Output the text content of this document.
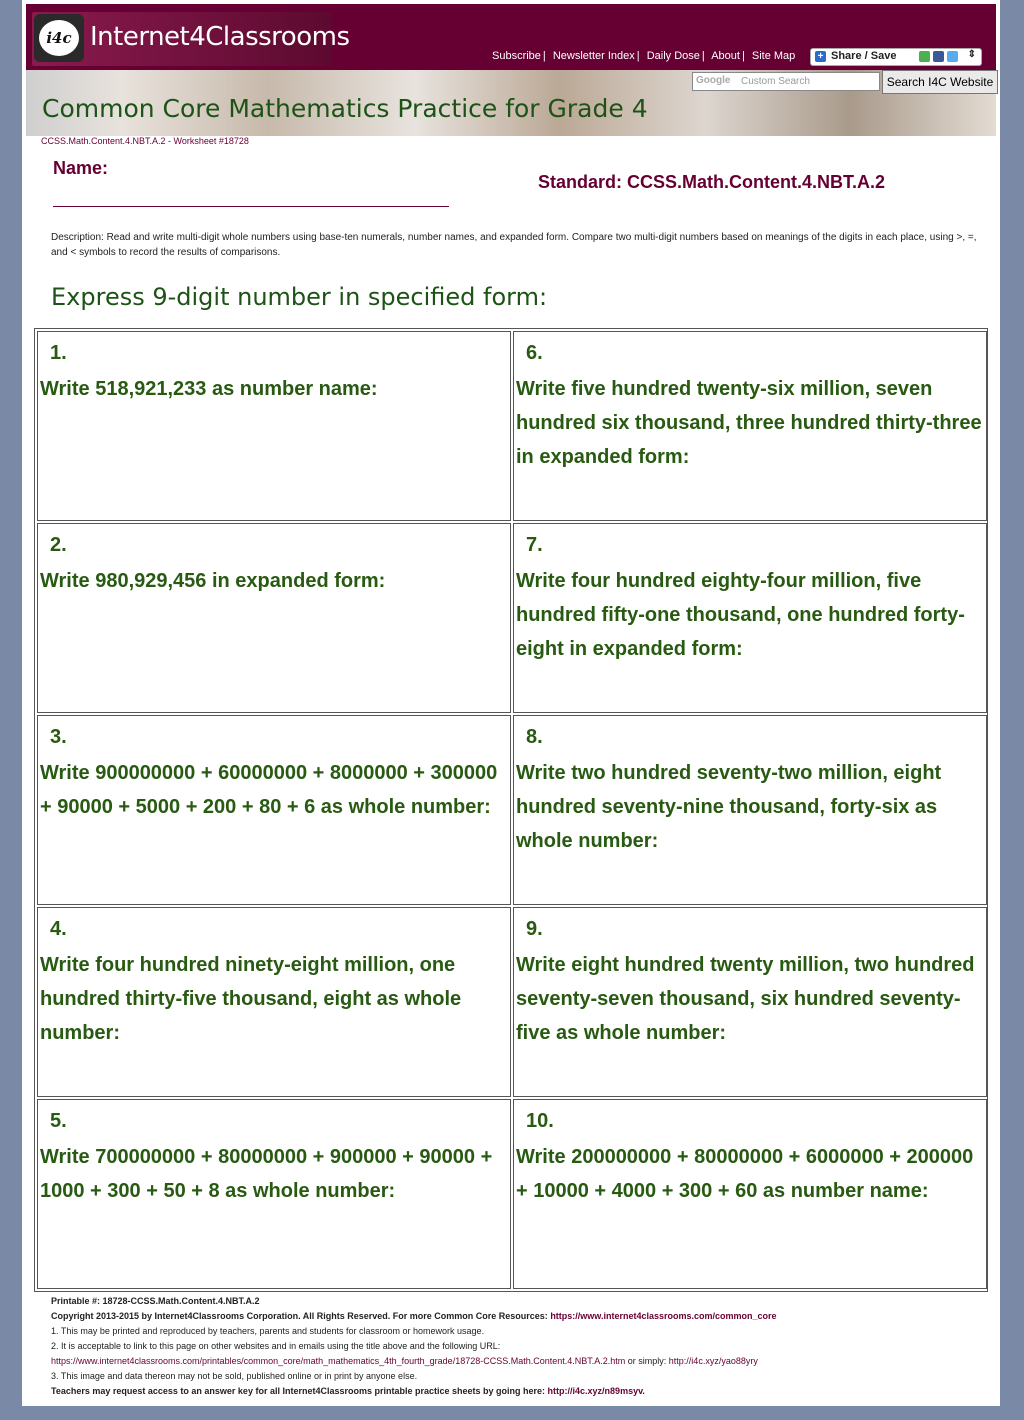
i4c Internet4Classrooms
Subscribe | Newsletter Index | Daily Dose | About | Site Map + Share / Save	⇕
Google Custom Search	Search I4C Website
Common Core Mathematics Practice for Grade 4
CCSS.Math.Content.4.NBT.A.2 - Worksheet #18728
Name:
Standard: CCSS.Math.Content.4.NBT.A.2
Description: Read and write multi-digit whole numbers using base-ten numerals, number names, and expanded form. Compare two multi-digit numbers based on meanings of the digits in each place, using >, =, and < symbols to record the results of comparisons.
Express 9-digit number in specified form:
1.
Write 518,921,233 as number name:
6.
Write five hundred twenty-six million, seven hundred six thousand, three hundred thirty-three in expanded form:
2.
Write 980,929,456 in expanded form:
7.
Write four hundred eighty-four million, five hundred fifty-one thousand, one hundred forty-eight in expanded form:
3.
Write 900000000 + 60000000 + 8000000 + 300000 + 90000 + 5000 + 200 + 80 + 6 as whole number:
8.
Write two hundred seventy-two million, eight hundred seventy-nine thousand, forty-six as whole number:
4.
Write four hundred ninety-eight million, one hundred thirty-five thousand, eight as whole number:
9.
Write eight hundred twenty million, two hundred seventy-seven thousand, six hundred seventy-five as whole number:
5.
Write 700000000 + 80000000 + 900000 + 90000 + 1000 + 300 + 50 + 8 as whole number:
10.
Write 200000000 + 80000000 + 6000000 + 200000 + 10000 + 4000 + 300 + 60 as number name:
Printable #: 18728-CCSS.Math.Content.4.NBT.A.2
Copyright 2013-2015 by Internet4Classrooms Corporation. All Rights Reserved. For more Common Core Resources: https://www.internet4classrooms.com/common_core
1. This may be printed and reproduced by teachers, parents and students for classroom or homework usage.
2. It is acceptable to link to this page on other websites and in emails using the title above and the following URL:
https://www.internet4classrooms.com/printables/common_core/math_mathematics_4th_fourth_grade/18728-CCSS.Math.Content.4.NBT.A.2.htm or simply: http://i4c.xyz/yao88yry
3. This image and data thereon may not be sold, published online or in print by anyone else.
Teachers may request access to an answer key for all Internet4Classrooms printable practice sheets by going here: http://i4c.xyz/n89msyv.
